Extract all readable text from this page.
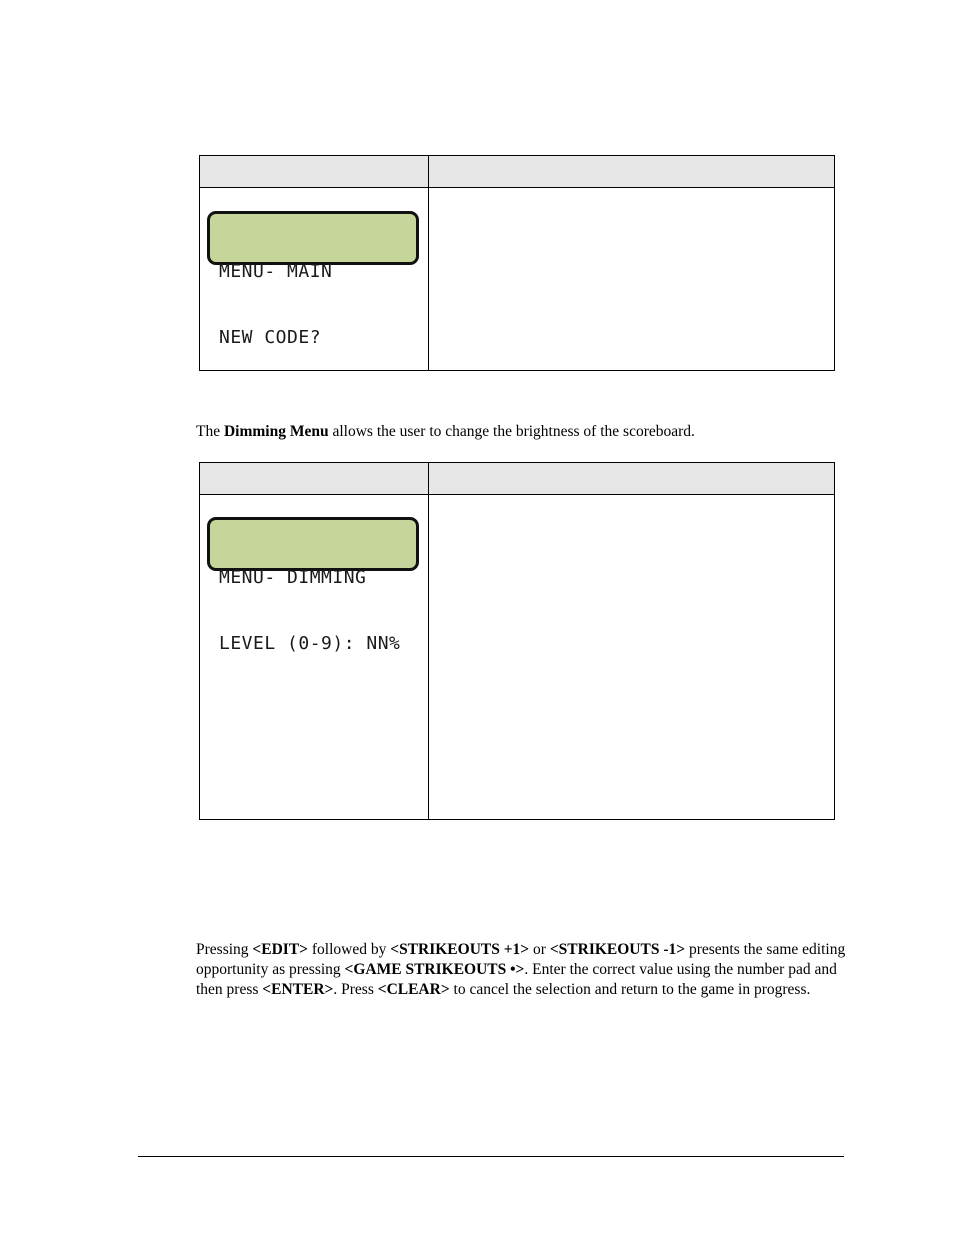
MENU- MAIN

NEW CODE?

The Dimming Menu allows the user to change the brightness of the scoreboard.

MENU- DIMMING

LEVEL (0-9): NN%

Pressing <EDIT> followed by <STRIKEOUTS +1> or <STRIKEOUTS -1> presents the same editing opportunity as pressing <GAME STRIKEOUTS •>. Enter the correct value using the number pad and then press <ENTER>. Press <CLEAR> to cancel the selection and return to the game in progress.
